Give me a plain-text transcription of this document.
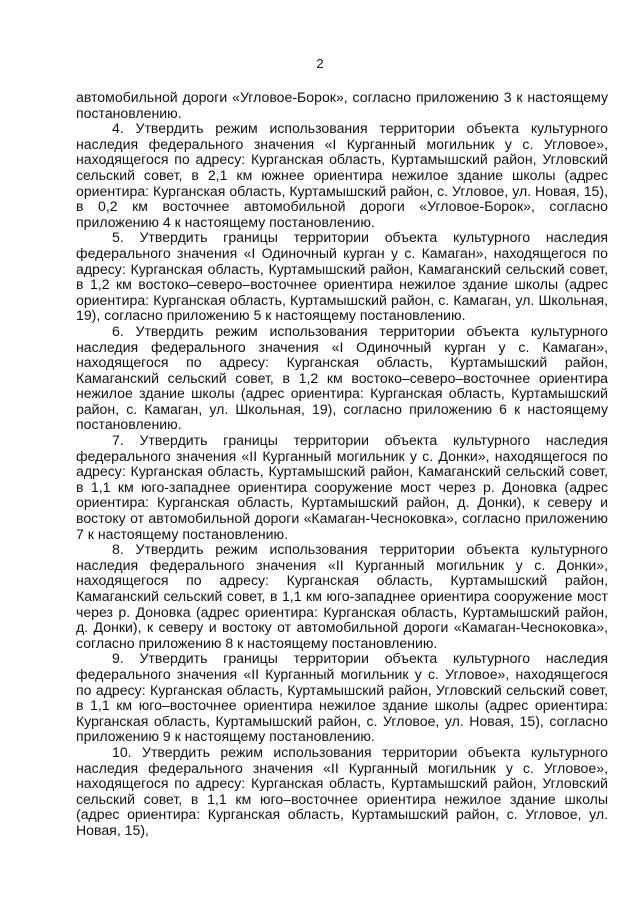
2

автомобильной дороги «Угловое-Борок», согласно приложению 3 к настоящему постановлению.

4. Утвердить режим использования территории объекта культурного наследия федерального значения «I Курганный могильник у с. Угловое», находящегося по адресу: Курганская область, Куртамышский район, Угловский сельский совет, в 2,1 км южнее ориентира нежилое здание школы (адрес ориентира: Курганская область, Куртамышский район, с. Угловое, ул. Новая, 15), в 0,2 км восточнее автомобильной дороги «Угловое-Борок», согласно приложению 4 к настоящему постановлению.

5. Утвердить границы территории объекта культурного наследия федерального значения «I Одиночный курган у с. Камаган», находящегося по адресу: Курганская область, Куртамышский район, Камаганский сельский совет, в 1,2 км востоко–северо–восточнее ориентира нежилое здание школы (адрес ориентира: Курганская область, Куртамышский район, с. Камаган, ул. Школьная, 19), согласно приложению 5 к настоящему постановлению.

6. Утвердить режим использования территории объекта культурного наследия федерального значения «I Одиночный курган у с. Камаган», находящегося по адресу: Курганская область, Куртамышский район, Камаганский сельский совет, в 1,2 км востоко–северо–восточнее ориентира нежилое здание школы (адрес ориентира: Курганская область, Куртамышский район, с. Камаган, ул. Школьная, 19), согласно приложению 6 к настоящему постановлению.

7. Утвердить границы территории объекта культурного наследия федерального значения «II Курганный могильник у с. Донки», находящегося по адресу: Курганская область, Куртамышский район, Камаганский сельский совет, в 1,1 км юго-западнее ориентира сооружение мост через р. Доновка (адрес ориентира: Курганская область, Куртамышский район, д. Донки), к северу и востоку от автомобильной дороги «Камаган-Чесноковка», согласно приложению 7 к настоящему постановлению.

8. Утвердить режим использования территории объекта культурного наследия федерального значения «II Курганный могильник у с. Донки», находящегося по адресу: Курганская область, Куртамышский район, Камаганский сельский совет, в 1,1 км юго-западнее ориентира сооружение мост через р. Доновка (адрес ориентира: Курганская область, Куртамышский район, д. Донки), к северу и востоку от автомобильной дороги «Камаган-Чесноковка», согласно приложению 8 к настоящему постановлению.

9. Утвердить границы территории объекта культурного наследия федерального значения «II Курганный могильник у с. Угловое», находящегося по адресу: Курганская область, Куртамышский район, Угловский сельский совет, в 1,1 км юго–восточнее ориентира нежилое здание школы (адрес ориентира: Курганская область, Куртамышский район, с. Угловое, ул. Новая, 15), согласно приложению 9 к настоящему постановлению.

10. Утвердить режим использования территории объекта культурного наследия федерального значения «II Курганный могильник у с. Угловое», находящегося по адресу: Курганская область, Куртамышский район, Угловский сельский совет, в 1,1 км юго–восточнее ориентира нежилое здание школы (адрес ориентира: Курганская область, Куртамышский район, с. Угловое, ул. Новая, 15),
